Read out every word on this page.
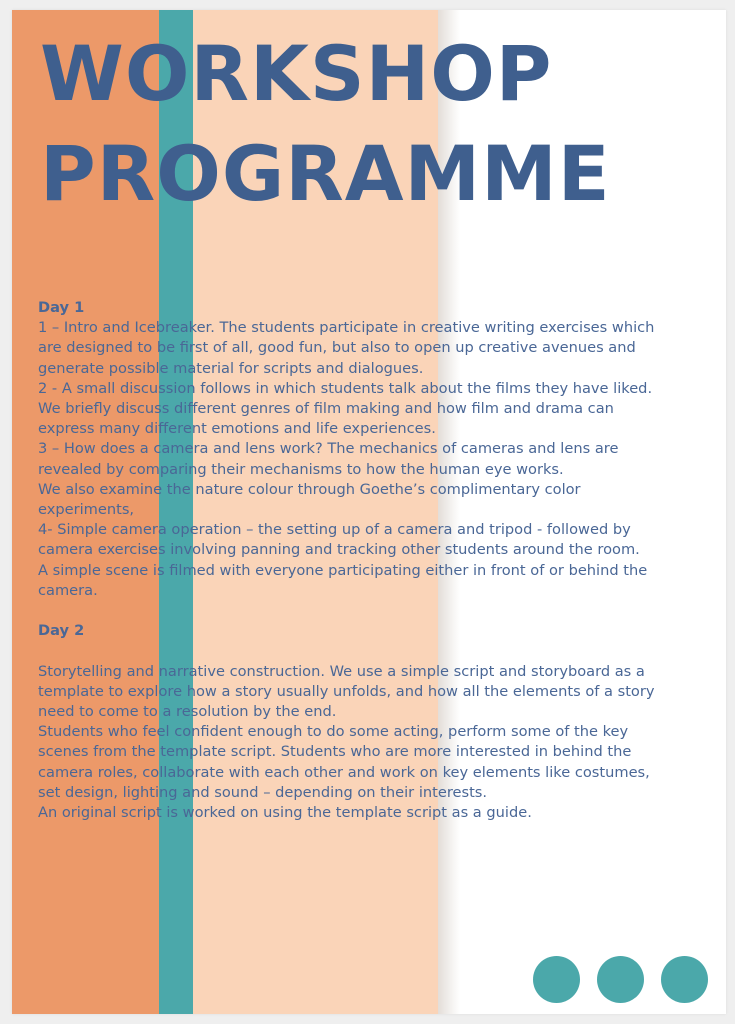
WORKSHOP
PROGRAMME

Day 1

1 – Intro and Icebreaker. The students participate in creative writing exercises which

are designed to be first of all, good fun, but also to open up creative avenues and

generate possible material for scripts and dialogues.

2 - A small discussion follows in which students talk about the films they have liked.

We briefly discuss different genres of film making and how film and drama can

express many different emotions and life experiences.

3 – How does a camera and lens work? The mechanics of cameras and lens are

revealed by comparing their mechanisms to how the human eye works.

We also examine the nature colour through Goethe’s complimentary color

experiments,

4- Simple camera operation – the setting up of a camera and tripod - followed by

camera exercises involving panning and tracking other students around the room.

A simple scene is filmed with everyone participating either in front of or behind the

camera.

Day 2

Storytelling and narrative construction. We use a simple script and storyboard as a

template to explore how a story usually unfolds, and how all the elements of a story

need to come to a resolution by the end.

Students who feel confident enough to do some acting, perform some of the key

scenes from the template script. Students who are more interested in behind the

camera roles, collaborate with each other and work on key elements like costumes,

set design, lighting and sound – depending on their interests.

An original script is worked on using the template script as a guide.
